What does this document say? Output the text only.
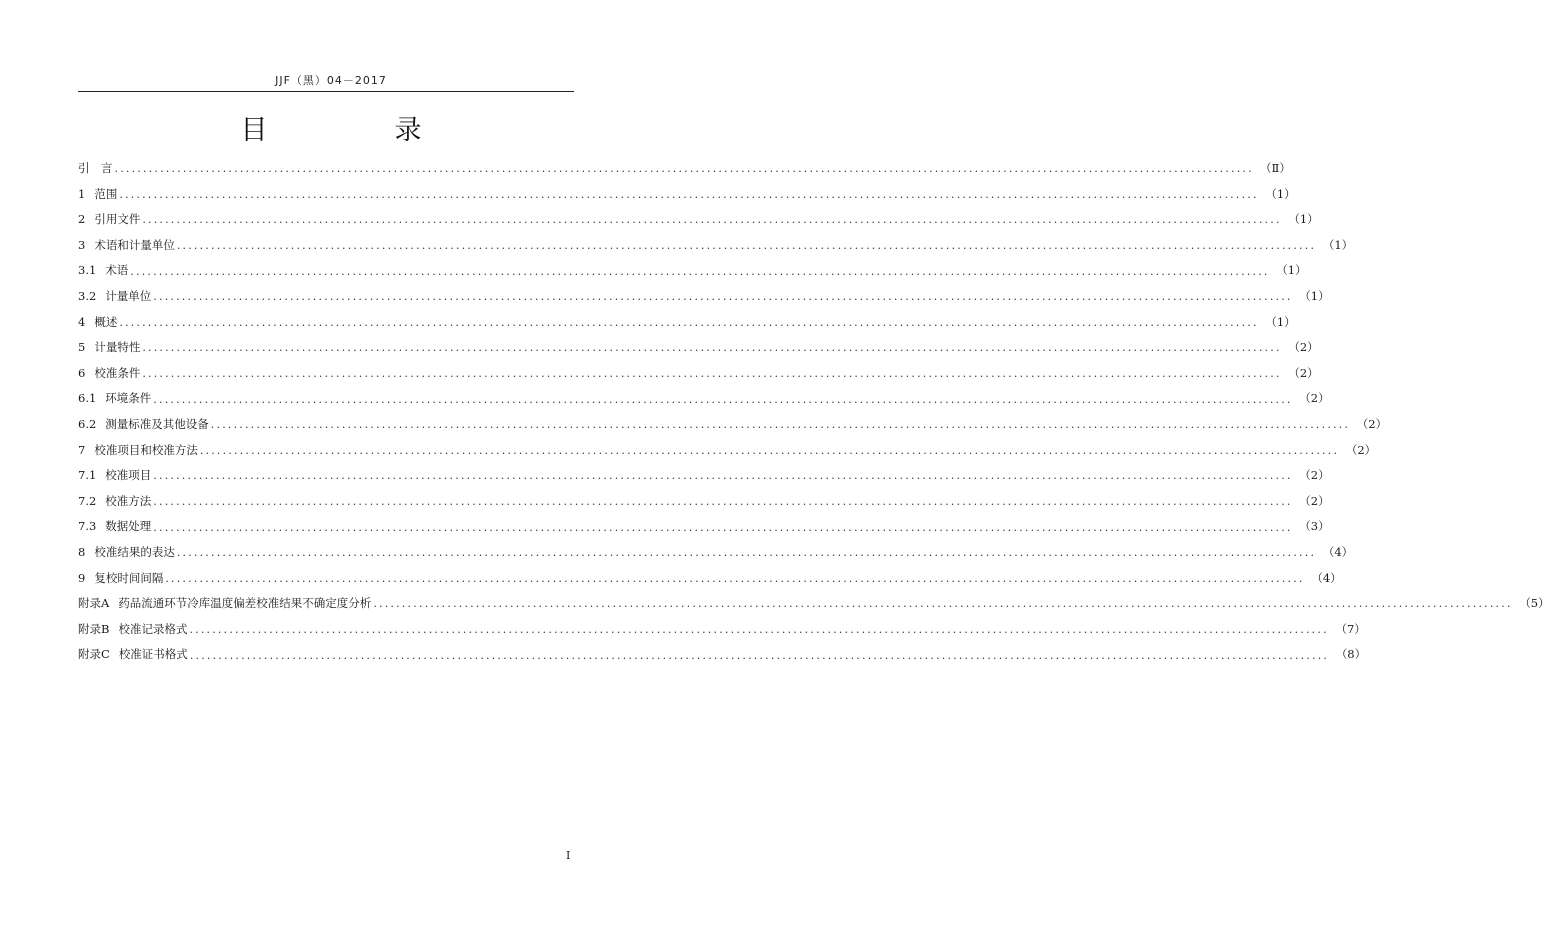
JJF（黑）04－2017
目　录
引　言 ........................................................................................................................................................................................................ （Ⅱ）
1 范围 ........................................................................................................................................................................................................ （1）
2 引用文件 ........................................................................................................................................................................................................ （1）
3 术语和计量单位 ........................................................................................................................................................................................................ （1）
3.1 术语 ........................................................................................................................................................................................................ （1）
3.2 计量单位 ........................................................................................................................................................................................................ （1）
4 概述 ........................................................................................................................................................................................................ （1）
5 计量特性 ........................................................................................................................................................................................................ （2）
6 校准条件 ........................................................................................................................................................................................................ （2）
6.1 环境条件 ........................................................................................................................................................................................................ （2）
6.2 测量标准及其他设备 ........................................................................................................................................................................................................ （2）
7 校准项目和校准方法 ........................................................................................................................................................................................................ （2）
7.1 校准项目 ........................................................................................................................................................................................................ （2）
7.2 校准方法 ........................................................................................................................................................................................................ （2）
7.3 数据处理 ........................................................................................................................................................................................................ （3）
8 校准结果的表达 ........................................................................................................................................................................................................ （4）
9 复校时间间隔 ........................................................................................................................................................................................................ （4）
附录A 药品流通环节冷库温度偏差校准结果不确定度分析 ........................................................................................................................................................................................................ （5）
附录B 校准记录格式 ........................................................................................................................................................................................................ （7）
附录C 校准证书格式 ........................................................................................................................................................................................................ （8）
Ⅰ
